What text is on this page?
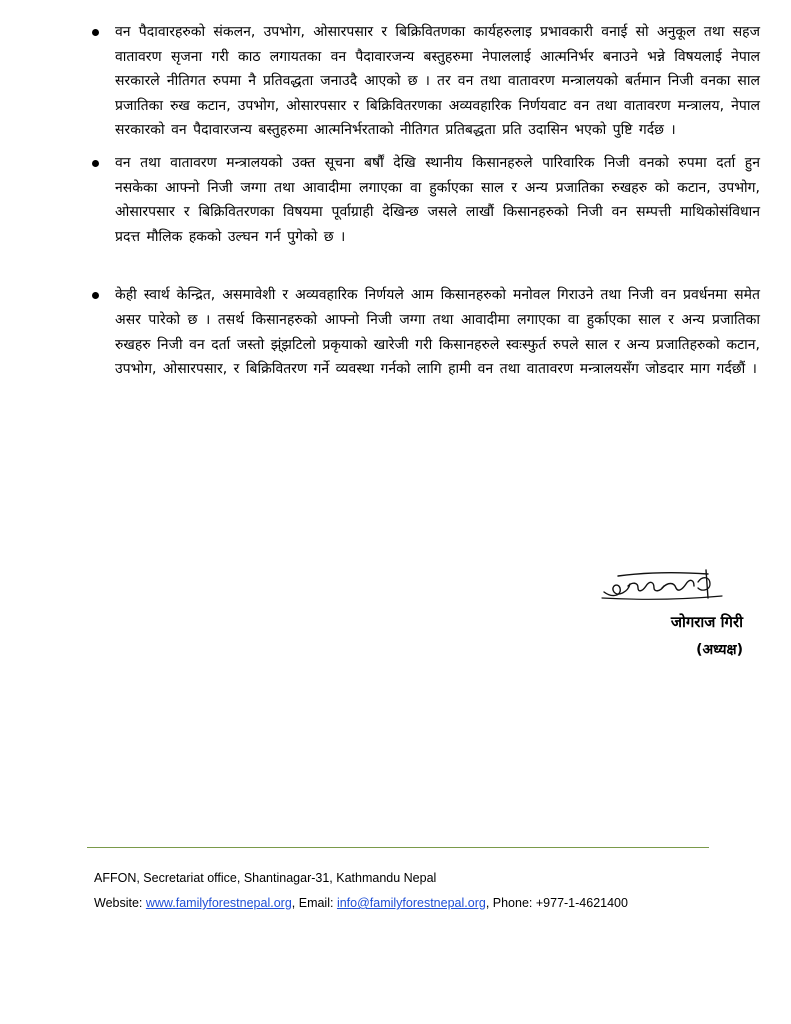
वन पैदावारहरुको संकलन, उपभोग, ओसारपसार र बिक्रिवितणका कार्यहरुलाइ प्रभावकारी वनाई सो अनुकूल तथा सहज वातावरण सृजना गरी काठ लगायतका वन पैदावारजन्य बस्तुहरुमा नेपाललाई आत्मनिर्भर बनाउने भन्ने विषयलाई नेपाल सरकारले नीतिगत रुपमा नै प्रतिवद्धता जनाउदै आएको छ । तर वन तथा वातावरण मन्त्रालयको बर्तमान निजी वनका साल प्रजातिका रुख कटान, उपभोग, ओसारपसार र बिक्रिवितरणका अव्यवहारिक निर्णयवाट वन तथा वातावरण मन्त्रालय, नेपाल सरकारको वन पैदावारजन्य बस्तुहरुमा आत्मनिर्भरताको नीतिगत प्रतिबद्धता प्रति उदासिन भएको पुष्टि गर्दछ ।
वन तथा वातावरण मन्त्रालयको उक्त सूचना बर्षौं देखि स्थानीय किसानहरुले पारिवारिक निजी वनको रुपमा दर्ता हुन नसकेका आफ्नो निजी जग्गा तथा आवादीमा लगाएका वा हुर्काएका साल र अन्य प्रजातिका रुखहरु को कटान, उपभोग, ओसारपसार र बिक्रिवितरणका विषयमा पूर्वाग्राही देखिन्छ जसले लाखौं किसानहरुको निजी वन सम्पत्ती माथिकोसंविधान प्रदत्त मौलिक हकको उल्घन गर्न पुगेको छ ।
केही स्वार्थ केन्द्रित, असमावेशी र अव्यवहारिक निर्णयले आम किसानहरुको मनोवल गिराउने तथा निजी वन प्रवर्धनमा समेत असर पारेको छ । तसर्थ किसानहरुको आफ्नो निजी जग्गा तथा आवादीमा लगाएका वा हुर्काएका साल र अन्य प्रजातिका रुखहरु निजी वन दर्ता जस्तो झ्ंझटिलो प्रकृयाको खारेजी गरी किसानहरुले स्वःस्फुर्त रुपले साल र अन्य प्रजातिहरुको कटान, उपभोग, ओसारपसार, र बिक्रिवितरण गर्ने व्यवस्था गर्नको लागि हामी वन तथा वातावरण मन्त्रालयसँग जोडदार माग गर्दछौं ।
जोगराज गिरी
(अध्यक्ष)
AFFON, Secretariat office, Shantinagar-31, Kathmandu Nepal
Website: www.familyforestnepal.org, Email: info@familyforestnepal.org, Phone: +977-1-4621400
